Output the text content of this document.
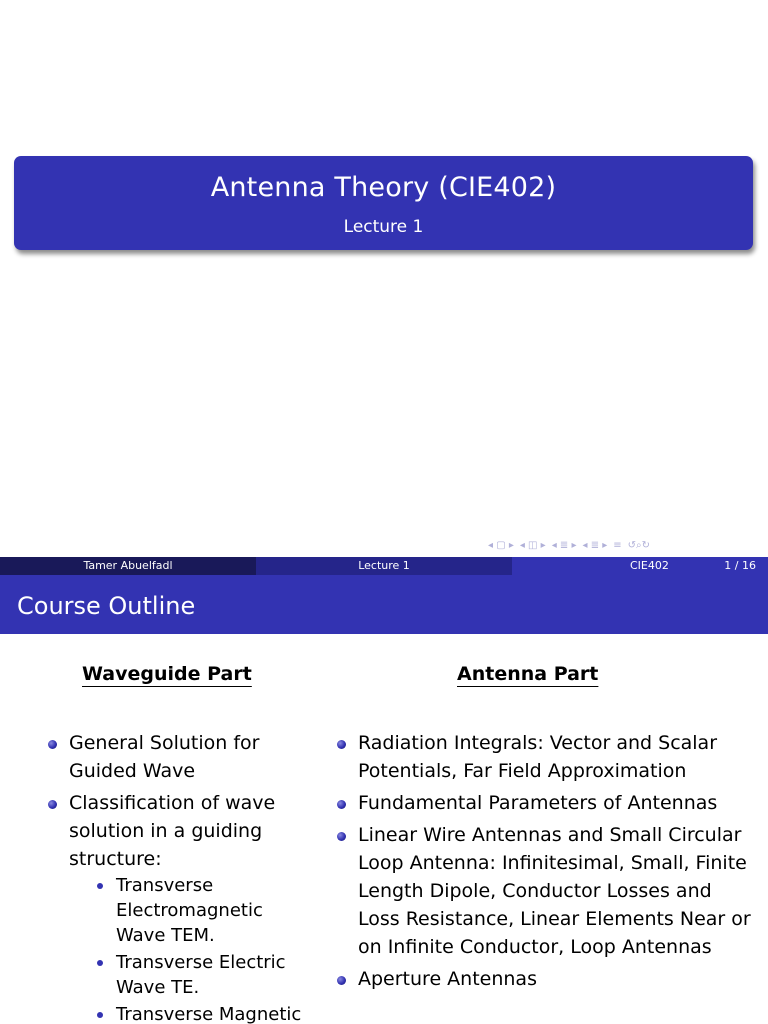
Antenna Theory (CIE402)
Lecture 1
◂ ▢ ▸ ◂ ◫ ▸ ◂ ≣ ▸ ◂ ≣ ▸ ≡ ↺⌕↻
Tamer Abuelfadl	Lecture 1	CIE402	1 / 16
Course Outline
Waveguide Part	Antenna Part
General Solution for Guided Wave
Classification of wave solution in a guiding structure:
Transverse Electromagnetic Wave TEM.
Transverse Electric Wave TE.
Transverse Magnetic
Radiation Integrals: Vector and Scalar Potentials, Far Field Approximation
Fundamental Parameters of Antennas
Linear Wire Antennas and Small Circular Loop Antenna: Infinitesimal, Small, Finite Length Dipole, Conductor Losses and Loss Resistance, Linear Elements Near or on Infinite Conductor, Loop Antennas
Aperture Antennas
